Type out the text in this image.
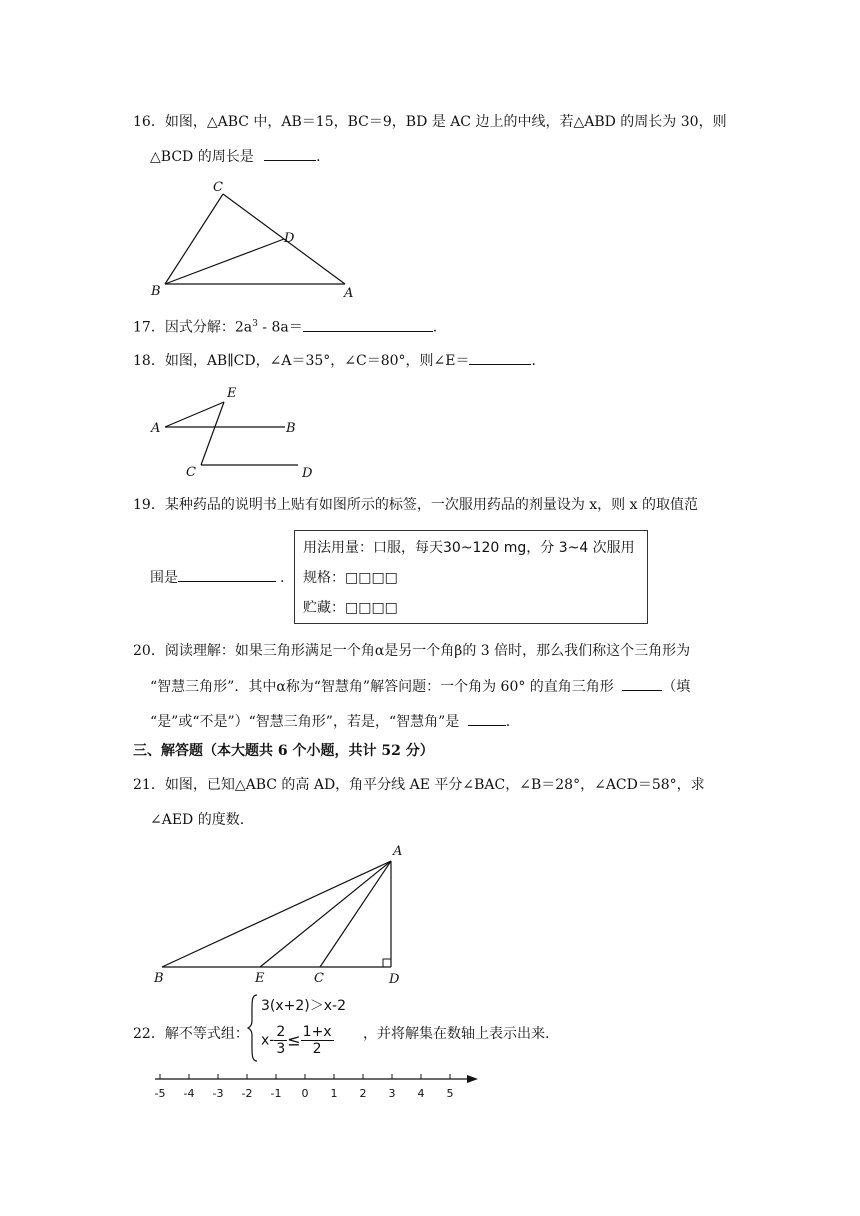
16．如图，△ABC 中，AB＝15，BC＝9，BD 是 AC 边上的中线，若△ABD 的周长为 30，则
△BCD 的周长是	.
C
D
B	A
17．因式分解：$2a^3 - 8a=$	.
18．如图，AB∥CD，∠A＝35°，∠C＝80°，则∠E＝	.
E
A	B
C	D
19．某种药品的说明书上贴有如图所示的标签，一次服用药品的剂量设为 x，则 x 的取值范
围是	.
用法用量：口服，每天30~120 mg，分 3~4 次服用
规格：□□□□
贮藏：□□□□
20．阅读理解：如果三角形满足一个角α是另一个角β的 3 倍时，那么我们称这个三角形为
“智慧三角形”．其中α称为“智慧角”解答问题：一个角为 60° 的直角三角形	（填
“是”或“不是”）“智慧三角形”，若是，“智慧角”是	.
三、解答题（本大题共 6 个小题，共计 52 分）
21．如图，已知△ABC 的高 AD，角平分线 AE 平分∠BAC，∠B＝28°，∠ACD＝58°，求
∠AED 的度数.
A
B	E	C	D
22．解不等式组：
3(x+2)＞x-2
$x- \frac{2}{3} \le \frac{1+x}{2}$ ，并将解集在数轴上表示出来.
-5 -4 -3 -2 -1 0 1 2 3 4 5
